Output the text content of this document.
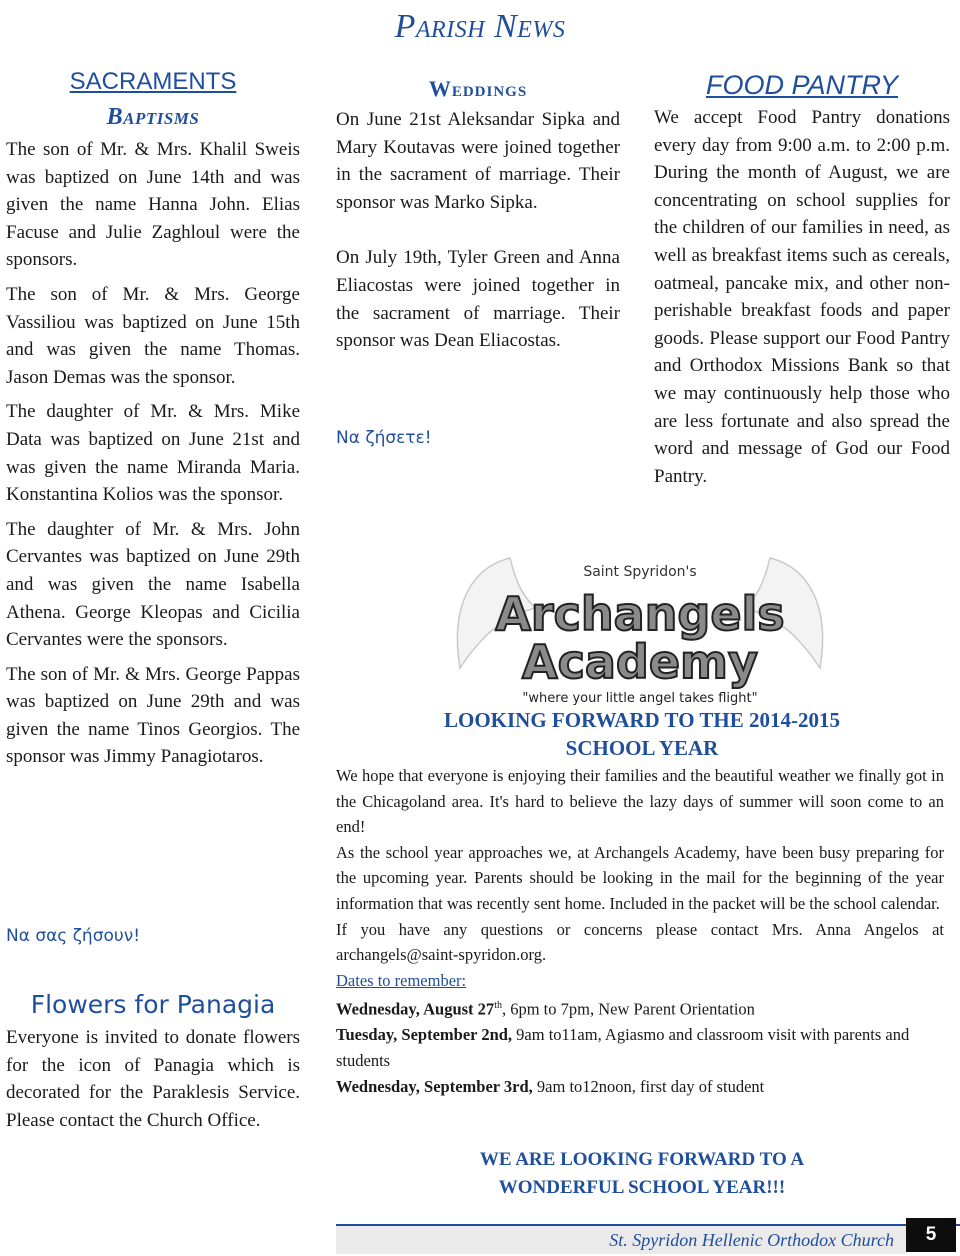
Parish News
SACRAMENTS
Baptisms

The son of Mr. & Mrs. Khalil Sweis was baptized on June 14th and was given the name Hanna John. Elias Facuse and Julie Zaghloul were the sponsors.

The son of Mr. & Mrs. George Vassiliou was baptized on June 15th and was given the name Thomas. Jason Demas was the sponsor.

The daughter of Mr. & Mrs. Mike Data was baptized on June 21st and was given the name Miranda Maria. Konstantina Kolios was the sponsor.

The daughter of Mr. & Mrs. John Cervantes was baptized on June 29th and was given the name Isabella Athena. George Kleopas and Cicilia Cervantes were the sponsors.

The son of Mr. & Mrs. George Pappas was baptized on June 29th and was given the name Tinos Georgios. The sponsor was Jimmy Panagiotaros.

Να σας ζήσουν!
Flowers for Panagia
Everyone is invited to donate flowers for the icon of Panagia which is decorated for the Paraklesis Service. Please contact the Church Office.
Weddings

On June 21st Aleksandar Sipka and Mary Koutavas were joined together in the sacrament of marriage. Their sponsor was Marko Sipka.

On July 19th, Tyler Green and Anna Eliacostas were joined together in the sacrament of marriage. Their sponsor was Dean Eliacostas.

Να ζήσετε!
FOOD PANTRY
We accept Food Pantry donations every day from 9:00 a.m. to 2:00 p.m. During the month of August, we are concentrating on school supplies for the children of our families in need, as well as breakfast items such as cereals, oatmeal, pancake mix, and other non-perishable breakfast foods and paper goods. Please support our Food Pantry and Orthodox Missions Bank so that we may continuously help those who are less fortunate and also spread the word and message of God our Food Pantry.
Saint Spyridon's
Archangels
Academy
"where your little angel takes flight"
LOOKING FORWARD TO THE 2014-2015
SCHOOL YEAR

We hope that everyone is enjoying their families and the beautiful weather we finally got in the Chicagoland area. It's hard to believe the lazy days of summer will soon come to an end!

As the school year approaches we, at Archangels Academy, have been busy preparing for the upcoming year. Parents should be looking in the mail for the beginning of the year information that was recently sent home. Included in the packet will be the school calendar.

If you have any questions or concerns please contact Mrs. Anna Angelos at archangels@saint-spyridon.org.

Dates to remember:

Wednesday, August 27th, 6pm to 7pm, New Parent Orientation

Tuesday, September 2nd, 9am to11am, Agiasmo and classroom visit with parents and students

Wednesday, September 3rd, 9am to12noon, first day of student

WE ARE LOOKING FORWARD TO A
WONDERFUL SCHOOL YEAR!!!
St. Spyridon Hellenic Orthodox Church	5
